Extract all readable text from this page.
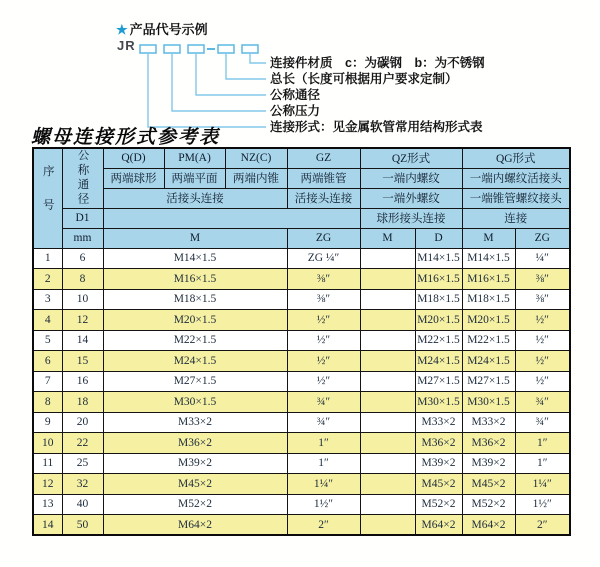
★ 产品代号示例
JR
连接件材质　c：为碳钢　b：为不锈钢
总长（长度可根据用户要求定制）
公称通径
公称压力
连接形式：见金属软管常用结构形式表
螺母连接形式参考表
序号	公称通径	Q(D)	PM(A)	NZ(C)	GZ	QZ形式		QG形式	
		两端球形	两端平面	两端内锥	两端锥管	一端内螺纹		一端内螺纹活接头	
		活接头连接			活接头连接	一端外螺纹		一端锥管螺纹接头	
	D1					球形接头连接		连接	
	mm	M			ZG	M	D	M	ZG
1	6	M14×1.5			ZG ¼″		M14×1.5	M14×1.5	¼″
2	8	M16×1.5			⅜″		M16×1.5	M16×1.5	⅜″
3	10	M18×1.5			⅜″		M18×1.5	M18×1.5	⅜″
4	12	M20×1.5			½″		M20×1.5	M20×1.5	½″
5	14	M22×1.5			½″		M22×1.5	M22×1.5	½″
6	15	M24×1.5			½″		M24×1.5	M24×1.5	½″
7	16	M27×1.5			½″		M27×1.5	M27×1.5	½″
8	18	M30×1.5			¾″		M30×1.5	M30×1.5	¾″
9	20	M33×2			¾″		M33×2	M33×2	¾″
10	22	M36×2			1″		M36×2	M36×2	1″
11	25	M39×2			1″		M39×2	M39×2	1″
12	32	M45×2			1¼″		M45×2	M45×2	1¼″
13	40	M52×2			1½″		M52×2	M52×2	1½″
14	50	M64×2			2″		M64×2	M64×2	2″
